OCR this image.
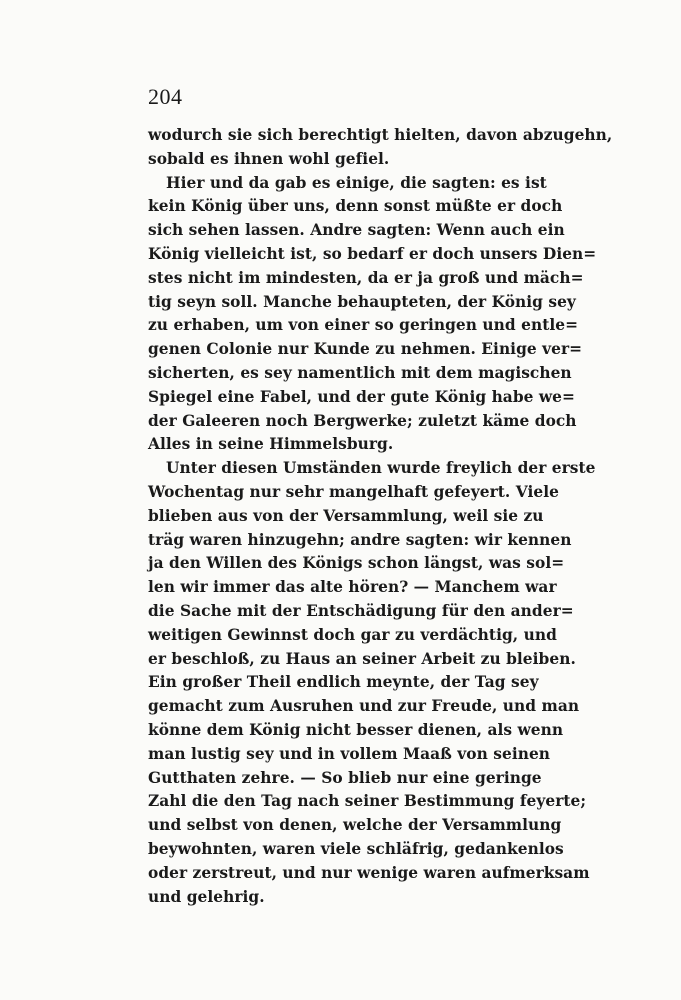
204
wodurch sie sich berechtigt hielten, davon abzugehn,
sobald es ihnen wohl gefiel.
Hier und da gab es einige, die sagten: es ist
kein König über uns, denn sonst müßte er doch
sich sehen lassen. Andre sagten: Wenn auch ein
König vielleicht ist, so bedarf er doch unsers Dien=
stes nicht im mindesten, da er ja groß und mäch=
tig seyn soll. Manche behaupteten, der König sey
zu erhaben, um von einer so geringen und entle=
genen Colonie nur Kunde zu nehmen. Einige ver=
sicherten, es sey namentlich mit dem magischen
Spiegel eine Fabel, und der gute König habe we=
der Galeeren noch Bergwerke; zuletzt käme doch
Alles in seine Himmelsburg.
Unter diesen Umständen wurde freylich der erste
Wochentag nur sehr mangelhaft gefeyert. Viele
blieben aus von der Versammlung, weil sie zu
träg waren hinzugehn; andre sagten: wir kennen
ja den Willen des Königs schon längst, was sol=
len wir immer das alte hören? — Manchem war
die Sache mit der Entschädigung für den ander=
weitigen Gewinnst doch gar zu verdächtig, und
er beschloß, zu Haus an seiner Arbeit zu bleiben.
Ein großer Theil endlich meynte, der Tag sey
gemacht zum Ausruhen und zur Freude, und man
könne dem König nicht besser dienen, als wenn
man lustig sey und in vollem Maaß von seinen
Gutthaten zehre. — So blieb nur eine geringe
Zahl die den Tag nach seiner Bestimmung feyerte;
und selbst von denen, welche der Versammlung
beywohnten, waren viele schläfrig, gedankenlos
oder zerstreut, und nur wenige waren aufmerksam
und gelehrig.
